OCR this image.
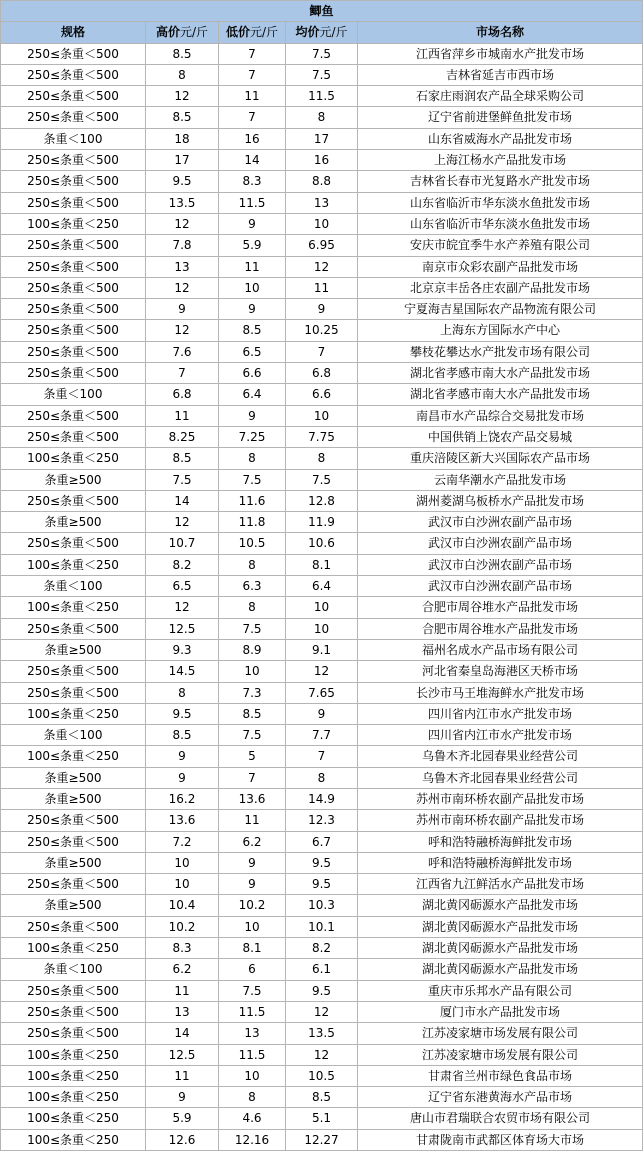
鲫鱼				
规格	高价元/斤	低价元/斤	均价元/斤	市场名称
250≤条重＜500	8.5	7	7.5	江西省萍乡市城南水产批发市场
250≤条重＜500	8	7	7.5	吉林省延吉市西市场
250≤条重＜500	12	11	11.5	石家庄雨润农产品全球采购公司
250≤条重＜500	8.5	7	8	辽宁省前进堡鲜鱼批发市场
条重＜100	18	16	17	山东省威海水产品批发市场
250≤条重＜500	17	14	16	上海江杨水产品批发市场
250≤条重＜500	9.5	8.3	8.8	吉林省长春市光复路水产批发市场
250≤条重＜500	13.5	11.5	13	山东省临沂市华东淡水鱼批发市场
100≤条重＜250	12	9	10	山东省临沂市华东淡水鱼批发市场
250≤条重＜500	7.8	5.9	6.95	安庆市皖宜季牛水产养殖有限公司
250≤条重＜500	13	11	12	南京市众彩农副产品批发市场
250≤条重＜500	12	10	11	北京京丰岳各庄农副产品批发市场
250≤条重＜500	9	9	9	宁夏海吉星国际农产品物流有限公司
250≤条重＜500	12	8.5	10.25	上海东方国际水产中心
250≤条重＜500	7.6	6.5	7	攀枝花攀达水产批发市场有限公司
250≤条重＜500	7	6.6	6.8	湖北省孝感市南大水产品批发市场
条重＜100	6.8	6.4	6.6	湖北省孝感市南大水产品批发市场
250≤条重＜500	11	9	10	南昌市水产品综合交易批发市场
250≤条重＜500	8.25	7.25	7.75	中国供销上饶农产品交易城
100≤条重＜250	8.5	8	8	重庆涪陵区新大兴国际农产品市场
条重≥500	7.5	7.5	7.5	云南华潮水产品批发市场
250≤条重＜500	14	11.6	12.8	湖州菱湖乌板桥水产品批发市场
条重≥500	12	11.8	11.9	武汉市白沙洲农副产品市场
250≤条重＜500	10.7	10.5	10.6	武汉市白沙洲农副产品市场
100≤条重＜250	8.2	8	8.1	武汉市白沙洲农副产品市场
条重＜100	6.5	6.3	6.4	武汉市白沙洲农副产品市场
100≤条重＜250	12	8	10	合肥市周谷堆水产品批发市场
250≤条重＜500	12.5	7.5	10	合肥市周谷堆水产品批发市场
条重≥500	9.3	8.9	9.1	福州名成水产品市场有限公司
250≤条重＜500	14.5	10	12	河北省秦皇岛海港区天桥市场
250≤条重＜500	8	7.3	7.65	长沙市马王堆海鲜水产批发市场
100≤条重＜250	9.5	8.5	9	四川省内江市水产批发市场
条重＜100	8.5	7.5	7.7	四川省内江市水产批发市场
100≤条重＜250	9	5	7	乌鲁木齐北园春果业经营公司
条重≥500	9	7	8	乌鲁木齐北园春果业经营公司
条重≥500	16.2	13.6	14.9	苏州市南环桥农副产品批发市场
250≤条重＜500	13.6	11	12.3	苏州市南环桥农副产品批发市场
250≤条重＜500	7.2	6.2	6.7	呼和浩特融桥海鲜批发市场
条重≥500	10	9	9.5	呼和浩特融桥海鲜批发市场
250≤条重＜500	10	9	9.5	江西省九江鲜活水产品批发市场
条重≥500	10.4	10.2	10.3	湖北黄冈砺源水产品批发市场
250≤条重＜500	10.2	10	10.1	湖北黄冈砺源水产品批发市场
100≤条重＜250	8.3	8.1	8.2	湖北黄冈砺源水产品批发市场
条重＜100	6.2	6	6.1	湖北黄冈砺源水产品批发市场
250≤条重＜500	11	7.5	9.5	重庆市乐邦水产品有限公司
250≤条重＜500	13	11.5	12	厦门市水产品批发市场
250≤条重＜500	14	13	13.5	江苏凌家塘市场发展有限公司
100≤条重＜250	12.5	11.5	12	江苏凌家塘市场发展有限公司
100≤条重＜250	11	10	10.5	甘肃省兰州市绿色食品市场
100≤条重＜250	9	8	8.5	辽宁省东港黄海水产品市场
100≤条重＜250	5.9	4.6	5.1	唐山市君瑞联合农贸市场有限公司
100≤条重＜250	12.6	12.16	12.27	甘肃陇南市武都区体育场大市场
